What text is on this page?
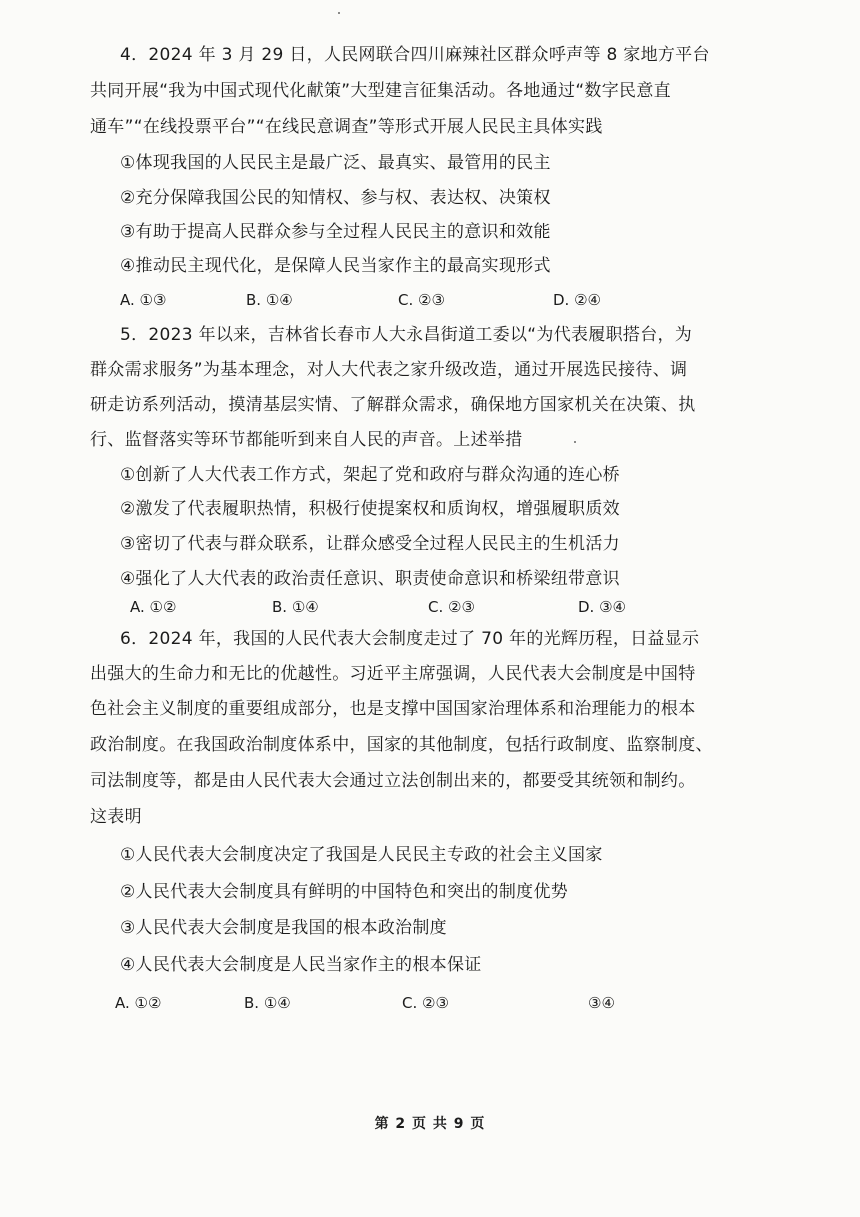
4．2024 年 3 月 29 日，人民网联合四川麻辣社区群众呼声等 8 家地方平台
共同开展“我为中国式现代化献策”大型建言征集活动。各地通过“数字民意直
通车”“在线投票平台”“在线民意调查”等形式开展人民民主具体实践
①体现我国的人民民主是最广泛、最真实、最管用的民主
②充分保障我国公民的知情权、参与权、表达权、决策权
③有助于提高人民群众参与全过程人民民主的意识和效能
④推动民主现代化，是保障人民当家作主的最高实现形式
A. ①③	B. ①④	C. ②③	D. ②④
5．2023 年以来，吉林省长春市人大永昌街道工委以“为代表履职搭台，为
群众需求服务”为基本理念，对人大代表之家升级改造，通过开展选民接待、调
研走访系列活动，摸清基层实情、了解群众需求，确保地方国家机关在决策、执
行、监督落实等环节都能听到来自人民的声音。上述举措
①创新了人大代表工作方式，架起了党和政府与群众沟通的连心桥
②激发了代表履职热情，积极行使提案权和质询权，增强履职质效
③密切了代表与群众联系，让群众感受全过程人民民主的生机活力
④强化了人大代表的政治责任意识、职责使命意识和桥梁纽带意识
A. ①②	B. ①④	C. ②③	D. ③④
6．2024 年，我国的人民代表大会制度走过了 70 年的光辉历程，日益显示
出强大的生命力和无比的优越性。习近平主席强调，人民代表大会制度是中国特
色社会主义制度的重要组成部分，也是支撑中国国家治理体系和治理能力的根本
政治制度。在我国政治制度体系中，国家的其他制度，包括行政制度、监察制度、
司法制度等，都是由人民代表大会通过立法创制出来的，都要受其统领和制约。
这表明
①人民代表大会制度决定了我国是人民民主专政的社会主义国家
②人民代表大会制度具有鲜明的中国特色和突出的制度优势
③人民代表大会制度是我国的根本政治制度
④人民代表大会制度是人民当家作主的根本保证
A. ①②	B. ①④	C. ②③	③④
第 2 页 共 9 页
